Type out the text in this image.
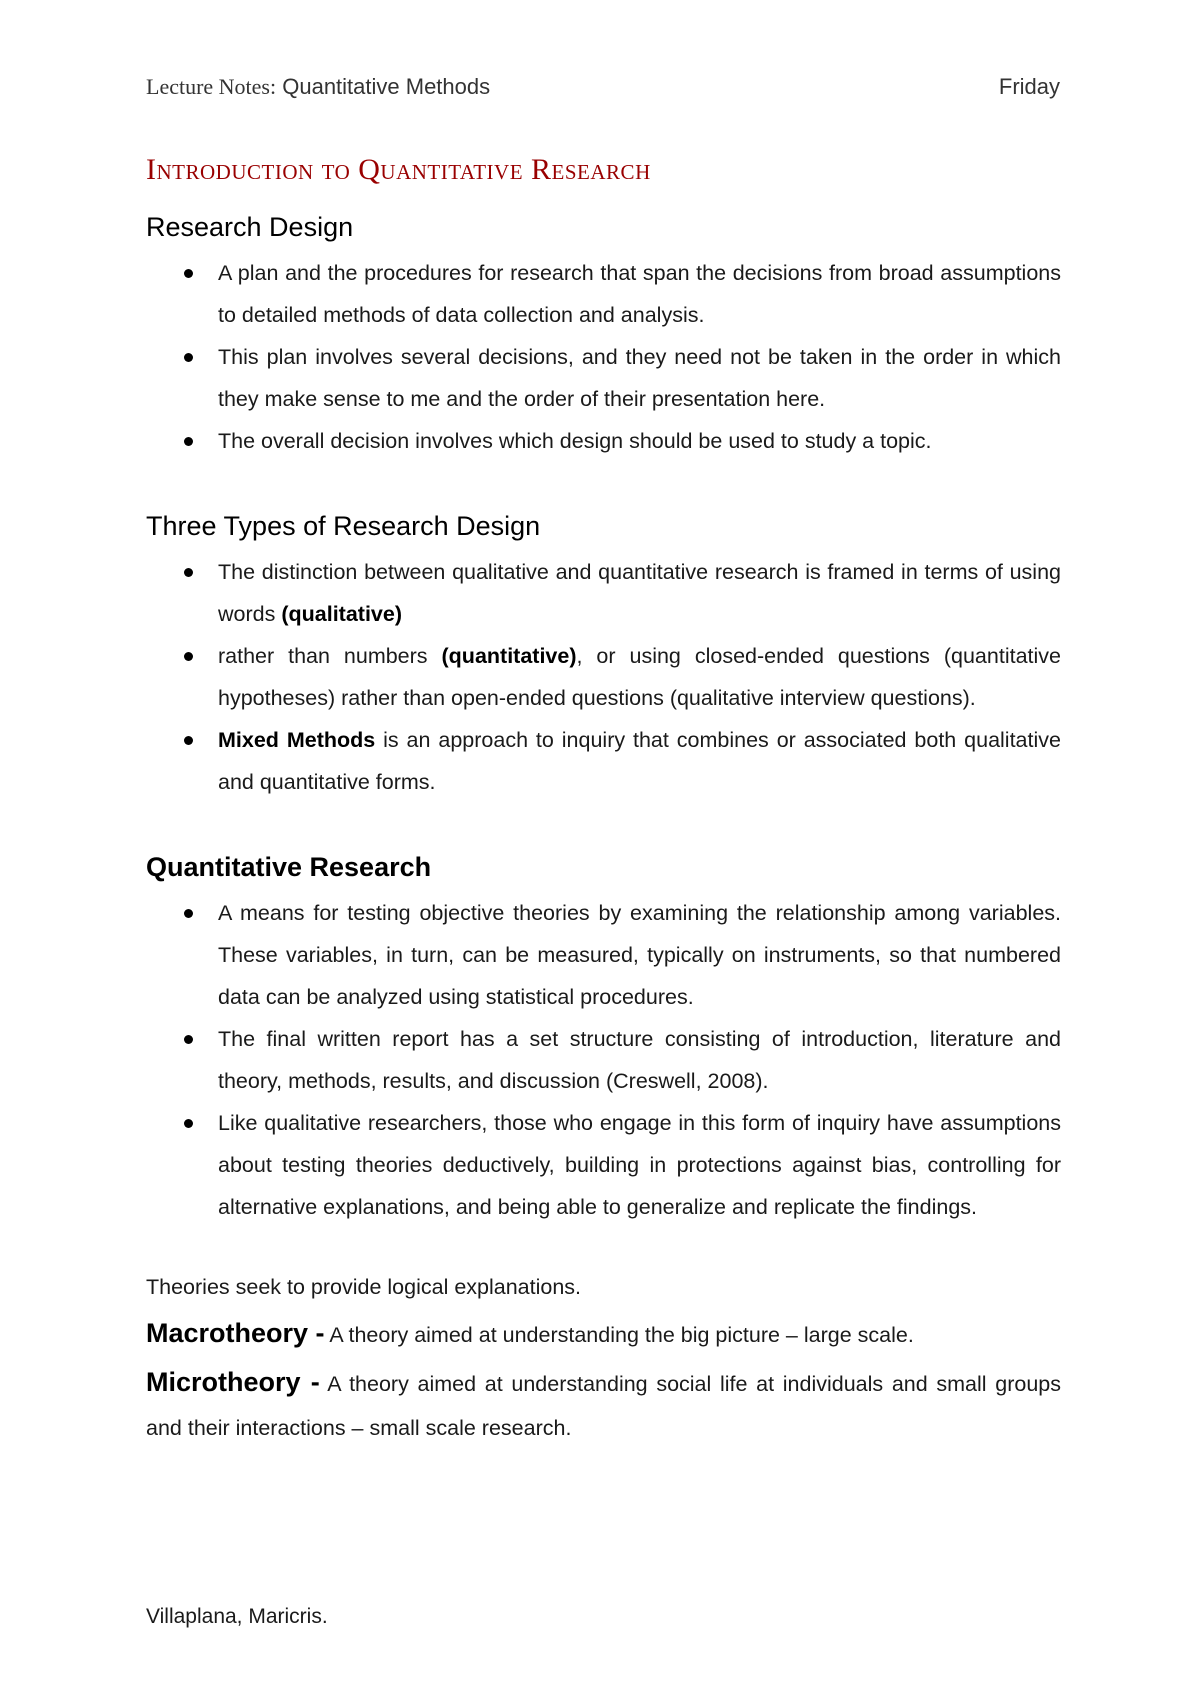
Lecture Notes: Quantitative Methods	Friday
Introduction to Quantitative Research
Research Design
A plan and the procedures for research that span the decisions from broad assumptions to detailed methods of data collection and analysis.
This plan involves several decisions, and they need not be taken in the order in which they make sense to me and the order of their presentation here.
The overall decision involves which design should be used to study a topic.
Three Types of Research Design
The distinction between qualitative and quantitative research is framed in terms of using words (qualitative)
rather than numbers (quantitative), or using closed-ended questions (quantitative hypotheses) rather than open-ended questions (qualitative interview questions).
Mixed Methods is an approach to inquiry that combines or associated both qualitative and quantitative forms.
Quantitative Research
A means for testing objective theories by examining the relationship among variables. These variables, in turn, can be measured, typically on instruments, so that numbered data can be analyzed using statistical procedures.
The final written report has a set structure consisting of introduction, literature and theory, methods, results, and discussion (Creswell, 2008).
Like qualitative researchers, those who engage in this form of inquiry have assumptions about testing theories deductively, building in protections against bias, controlling for alternative explanations, and being able to generalize and replicate the findings.

Theories seek to provide logical explanations.

Macrotheory - A theory aimed at understanding the big picture – large scale.

Microtheory - A theory aimed at understanding social life at individuals and small groups and their interactions – small scale research.

Villaplana, Maricris.
